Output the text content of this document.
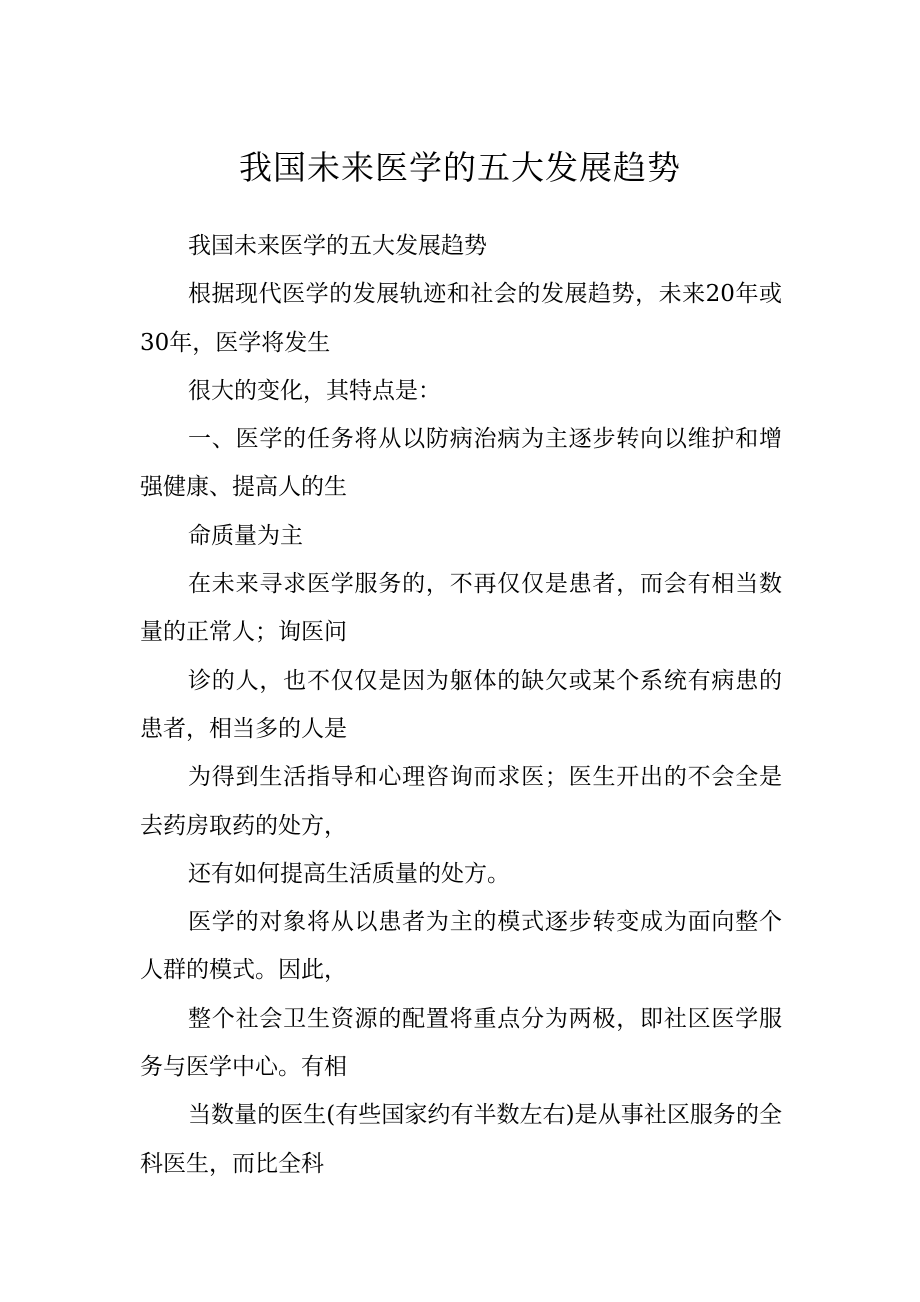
我国未来医学的五大发展趋势

我国未来医学的五大发展趋势

根据现代医学的发展轨迹和社会的发展趋势，未来20年或30年，医学将发生

很大的变化，其特点是：

一、医学的任务将从以防病治病为主逐步转向以维护和增强健康、提高人的生

命质量为主

在未来寻求医学服务的，不再仅仅是患者，而会有相当数量的正常人；询医问

诊的人，也不仅仅是因为躯体的缺欠或某个系统有病患的患者，相当多的人是

为得到生活指导和心理咨询而求医；医生开出的不会全是去药房取药的处方，

还有如何提高生活质量的处方。

医学的对象将从以患者为主的模式逐步转变成为面向整个人群的模式。因此，

整个社会卫生资源的配置将重点分为两极，即社区医学服务与医学中心。有相

当数量的医生(有些国家约有半数左右)是从事社区服务的全科医生，而比全科
